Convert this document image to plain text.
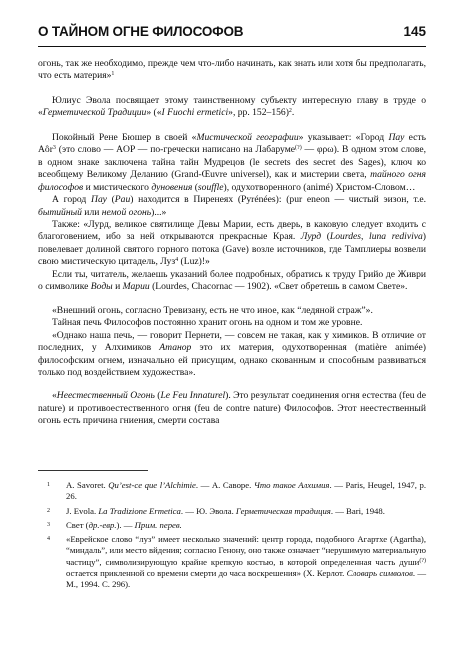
О ТАЙНОМ ОГНЕ ФИЛОСОФОВ	145

огонь, так же необходимо, прежде чем что-либо начинать, как знать или хотя бы предполагать, что есть материя»$^1$

Юлиус Эвола посвящает этому таинственному субъекту интересную главу в труде о «Герметической Традиции» («I Fuochi ermetici», pp. 152–156)$^2$.

Покойный Рене Бюшер в своей «Мистической географии» указывает: «Город Пау есть Aôr$^3$ (это слово — AOP — по-гречески написано на Лабаруме(?) — φρω). В одном этом слове, в одном знаке заключена тайна тайн Мудрецов (le secrets des secret des Sages), ключ ко всеобщему Великому Деланию (Grand-Œuvre universel), как и мистерии света, тайного огня философов и мистического дуновения (souffle), одухотворенного (animé) Христом-Словом…

А город Пау (Pau) находится в Пиренеях (Pyrénées): (pur eneon — чистый эизон, т.е. бытийный или немой огонь)...»

Также: «Лурд, великое святилище Девы Марии, есть дверь, в каковую следует входить с благоговением, ибо за ней открываются прекрасные Края. Лурд (Lourdes, luna rediviva) повелевает долиной святого горного потока (Gave) возле источников, где Тамплиеры возвели свою мистическую цитадель, Луз$^4$ (Luz)!»

Если ты, читатель, желаешь указаний более подробных, обратись к труду Грийо де Живри о символике Воды и Марии (Lourdes, Chacornac — 1902). «Свет обретешь в самом Свете».

«Внешний огонь, согласно Тревизану, есть не что иное, как “ледяной страж”».

Тайная печь Философов постоянно хранит огонь на одном и том же уровне.

«Однако наша печь, — говорит Пернети, — совсем не такая, как у химиков. В отличие от последних, у Алхимиков Атанор это их материя, одухотворенная (matière animée) философским огнем, изначально ей присущим, однако скованным и способным развиваться только под воздействием художества».

«Неестественный Огонь (Le Feu Innaturel). Это результат соединения огня естества (feu de nature) и противоестественного огня (feu de contre nature) Философов. Этот неестественный огонь есть причина гниения, смерти состава

1 A. Savoret. Qu’est-ce que l’Alchimie. — А. Саворе. Что такое Алхимия. — Paris, Heugel, 1947, p. 26.
2 J. Evola. La Tradizione Ermetica. — Ю. Эвола. Герметическая традиция. — Bari, 1948.
3 Свет (др.-евр.). — Прим. перев.
4 «Еврейское слово “луз” имеет несколько значений: центр города, подобного Агартхе (Agartha), “миндаль”, или место вйдения; согласно Генону, оно также означает “нерушимую материальную частицу”, символизирующую крайне крепкую костью, в которой определенная часть души(?) остается прикленной со времени смерти до часа воскрешения» (Х. Керлот. Словарь символов. — М., 1994. С. 296).
